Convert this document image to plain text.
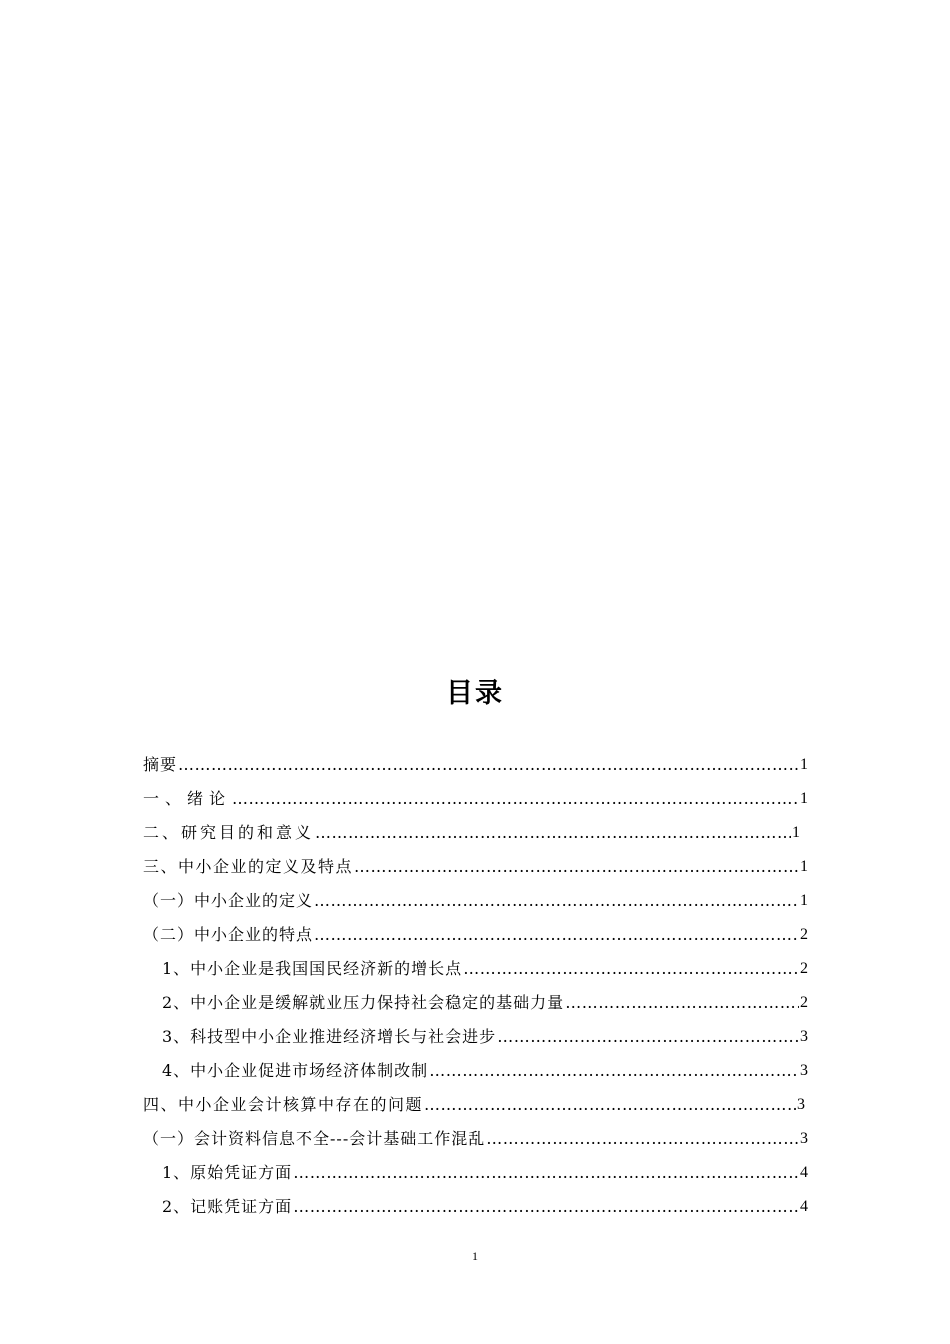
目录
摘要 ……………………………………………………………………………………………………………………………………………………………………………………………………	1
一、绪论 ……………………………………………………………………………………………………………………………………………………………………………………………………	1
二、研究目的和意义 ……………………………………………………………………………………………………………………………………………………………………………………………………	1
三、中小企业的定义及特点 ……………………………………………………………………………………………………………………………………………………………………………………………………	1
（一）中小企业的定义 ……………………………………………………………………………………………………………………………………………………………………………………………………	1
（二）中小企业的特点 ……………………………………………………………………………………………………………………………………………………………………………………………………	2
1、中小企业是我国国民经济新的增长点 ……………………………………………………………………………………………………………………………………………………………………………………………………	2
2、中小企业是缓解就业压力保持社会稳定的基础力量 ……………………………………………………………………………………………………………………………………………………………………………………………………	2
3、科技型中小企业推进经济增长与社会进步 ……………………………………………………………………………………………………………………………………………………………………………………………………	3
4、中小企业促进市场经济体制改制 ……………………………………………………………………………………………………………………………………………………………………………………………………	3
四、中小企业会计核算中存在的问题 ……………………………………………………………………………………………………………………………………………………………………………………………………	3
（一）会计资料信息不全---会计基础工作混乱 ……………………………………………………………………………………………………………………………………………………………………………………………………	3
1、原始凭证方面 ……………………………………………………………………………………………………………………………………………………………………………………………………	4
2、记账凭证方面 ……………………………………………………………………………………………………………………………………………………………………………………………………	4
1
